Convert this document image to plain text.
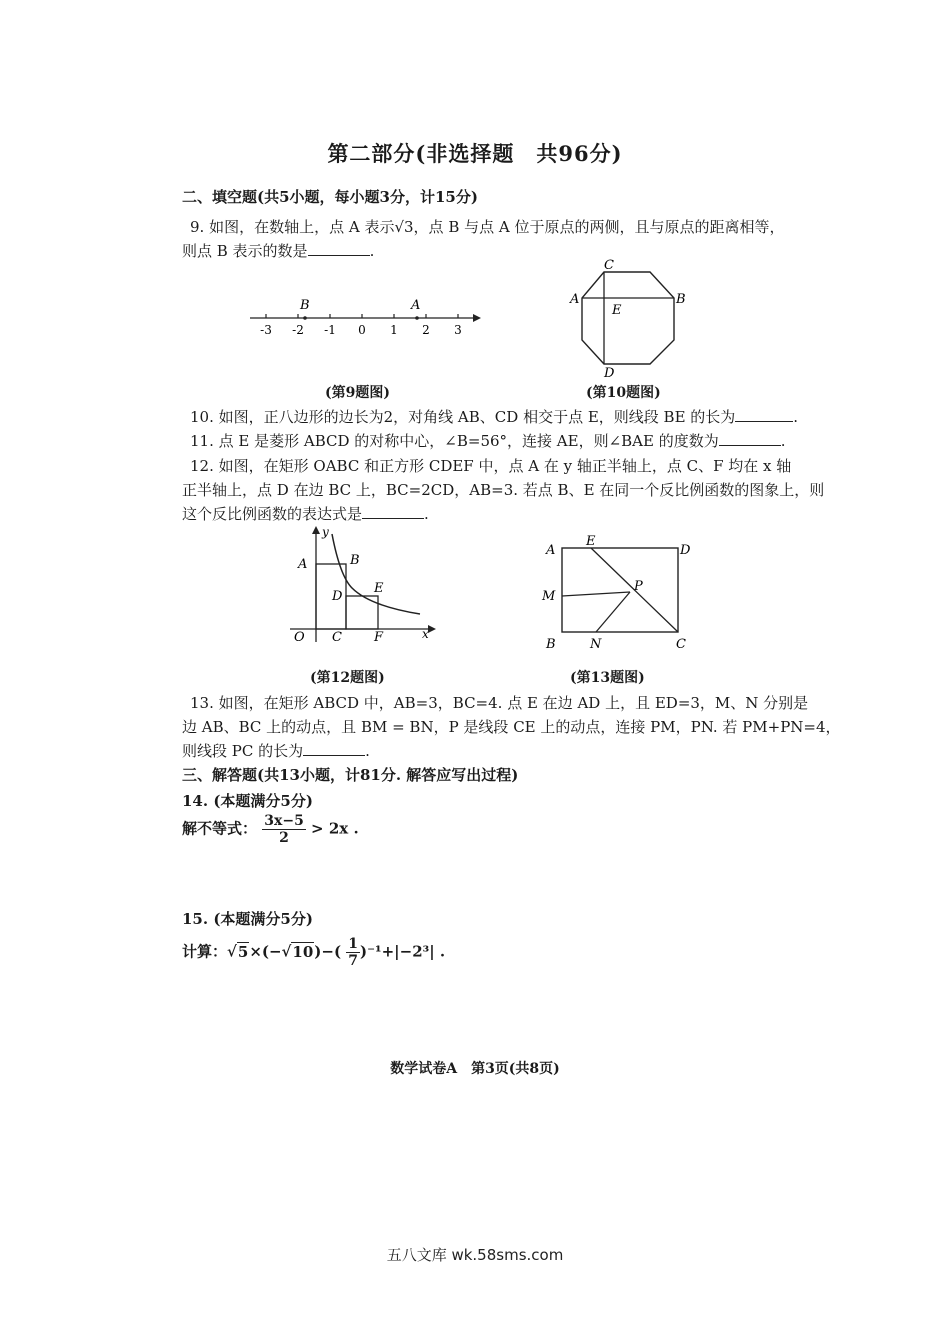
第二部分(非选择题　共96分)
二、填空题(共5小题，每小题3分，计15分)
9. 如图，在数轴上，点 A 表示√3，点 B 与点 A 位于原点的两侧，且与原点的距离相等，
则点 B 表示的数是	.
B	A
-3 -2 -1 0 1 2 3
(第9题图)
C
A
E
B
D
(第10题图)
10. 如图，正八边形的边长为2，对角线 AB、CD 相交于点 E，则线段 BE 的长为	.
11. 点 E 是菱形 ABCD 的对称中心，∠B=56°，连接 AE，则∠BAE 的度数为	.
12. 如图，在矩形 OABC 和正方形 CDEF 中，点 A 在 y 轴正半轴上，点 C、F 均在 x 轴
正半轴上，点 D 在边 BC 上，BC=2CD，AB=3. 若点 B、E 在同一个反比例函数的图象上，则
这个反比例函数的表达式是	.
y
A	B
D
E
O C F	x
(第12题图)
A
E
D
M
P
B	N	C
(第13题图)
13. 如图，在矩形 ABCD 中，AB=3，BC=4. 点 E 在边 AD 上，且 ED=3，M、N 分别是
边 AB、BC 上的动点，且 BM = BN，P 是线段 CE 上的动点，连接 PM，PN. 若 PM+PN=4，
则线段 PC 的长为	.
三、解答题(共13小题，计81分. 解答应写出过程)
14. (本题满分5分)
解不等式： $\frac{3x-5}{2} > 2x$ .
15. (本题满分5分)
计算：$√5\times(-√10)-( \frac{1}{7} )^{-1}+|-2^3|$ .
数学试卷A　第3页(共8页)
五八文库 wk.58sms.com
